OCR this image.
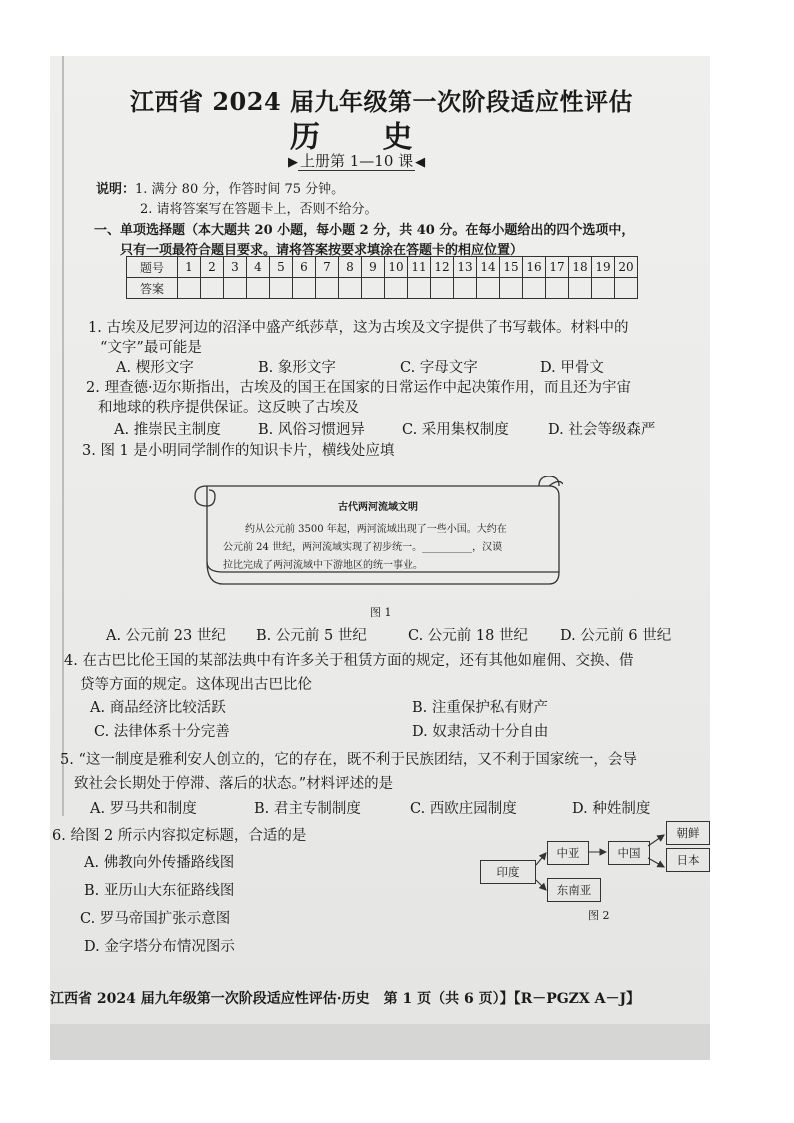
江西省 2024 届九年级第一次阶段适应性评估
历 史
▶ 上册第 1—10 课 ◀
说明：1. 满分 80 分，作答时间 75 分钟。
2. 请将答案写在答题卡上，否则不给分。
一、单项选择题（本大题共 20 小题，每小题 2 分，共 40 分。在每小题给出的四个选项中，
只有一项最符合题目要求。请将答案按要求填涂在答题卡的相应位置）
题号	1	2	3	4	5	6	7	8	9	10	11	12	13	14	15	16	17	18	19	20
答案																				
1. 古埃及尼罗河边的沼泽中盛产纸莎草，这为古埃及文字提供了书写载体。材料中的
“文字”最可能是
A. 楔形文字	B. 象形文字	C. 字母文字	D. 甲骨文
2. 理查德·迈尔斯指出，古埃及的国王在国家的日常运作中起决策作用，而且还为宇宙
和地球的秩序提供保证。这反映了古埃及
A. 推崇民主制度	B. 风俗习惯迥异	C. 采用集权制度	D. 社会等级森严
3. 图 1 是小明同学制作的知识卡片，横线处应填
古代两河流域文明
约从公元前 3500 年起，两河流域出现了一些小国。大约在
公元前 24 世纪，两河流域实现了初步统一。__________，汉谟
拉比完成了两河流域中下游地区的统一事业。
图 1
A. 公元前 23 世纪 B. 公元前 5 世纪	C. 公元前 18 世纪 D. 公元前 6 世纪
4. 在古巴比伦王国的某部法典中有许多关于租赁方面的规定，还有其他如雇佣、交换、借
贷等方面的规定。这体现出古巴比伦
A. 商品经济比较活跃	B. 注重保护私有财产
C. 法律体系十分完善	D. 奴隶活动十分自由
5. “这一制度是雅利安人创立的，它的存在，既不利于民族团结，又不利于国家统一，会导
致社会长期处于停滞、落后的状态。”材料评述的是
A. 罗马共和制度	B. 君主专制制度	C. 西欧庄园制度	D. 种姓制度
6. 给图 2 所示内容拟定标题，合适的是
A. 佛教向外传播路线图
B. 亚历山大东征路线图
C. 罗马帝国扩张示意图
D. 金字塔分布情况图示
印度
中亚
东南亚
中国
朝鲜
日本
图 2
江西省 2024 届九年级第一次阶段适应性评估·历史　第 1 页（共 6 页）】【R－PGZX A－J】
